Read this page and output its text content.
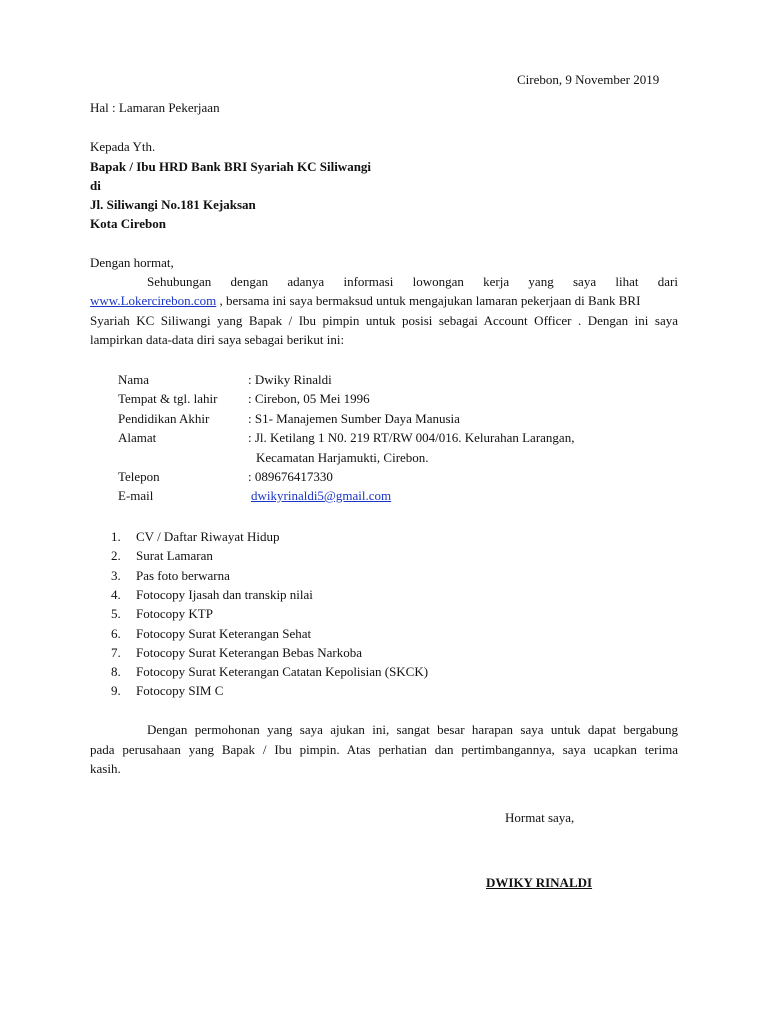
Cirebon, 9 November 2019
Hal : Lamaran Pekerjaan
Kepada Yth.
Bapak / Ibu HRD Bank BRI Syariah KC Siliwangi
di
Jl. Siliwangi No.181 Kejaksan
Kota Cirebon
Dengan hormat,
Sehubungan dengan adanya informasi lowongan kerja yang saya lihat dari
www.Lokercirebon.com , bersama ini saya bermaksud untuk mengajukan lamaran pekerjaan di Bank BRI
Syariah KC Siliwangi yang Bapak / Ibu pimpin untuk posisi sebagai Account Officer . Dengan ini saya
lampirkan data-data diri saya sebagai berikut ini:
Nama	: Dwiky Rinaldi
Tempat & tgl. lahir : Cirebon, 05 Mei 1996
Pendidikan Akhir	: S1- Manajemen Sumber Daya Manusia
Alamat	: Jl. Ketilang 1 N0. 219 RT/RW 004/016. Kelurahan Larangan,
Kecamatan Harjamukti, Cirebon.
Telepon	: 089676417330
E-mail	dwikyrinaldi5@gmail.com
1. CV / Daftar Riwayat Hidup
2. Surat Lamaran
3. Pas foto berwarna
4. Fotocopy Ijasah dan transkip nilai
5. Fotocopy KTP
6. Fotocopy Surat Keterangan Sehat
7. Fotocopy Surat Keterangan Bebas Narkoba
8. Fotocopy Surat Keterangan Catatan Kepolisian (SKCK)
9. Fotocopy SIM C
Dengan permohonan yang saya ajukan ini, sangat besar harapan saya untuk dapat bergabung
pada perusahaan yang Bapak / Ibu pimpin. Atas perhatian dan pertimbangannya, saya ucapkan terima
kasih.
Hormat saya,
DWIKY RINALDI
